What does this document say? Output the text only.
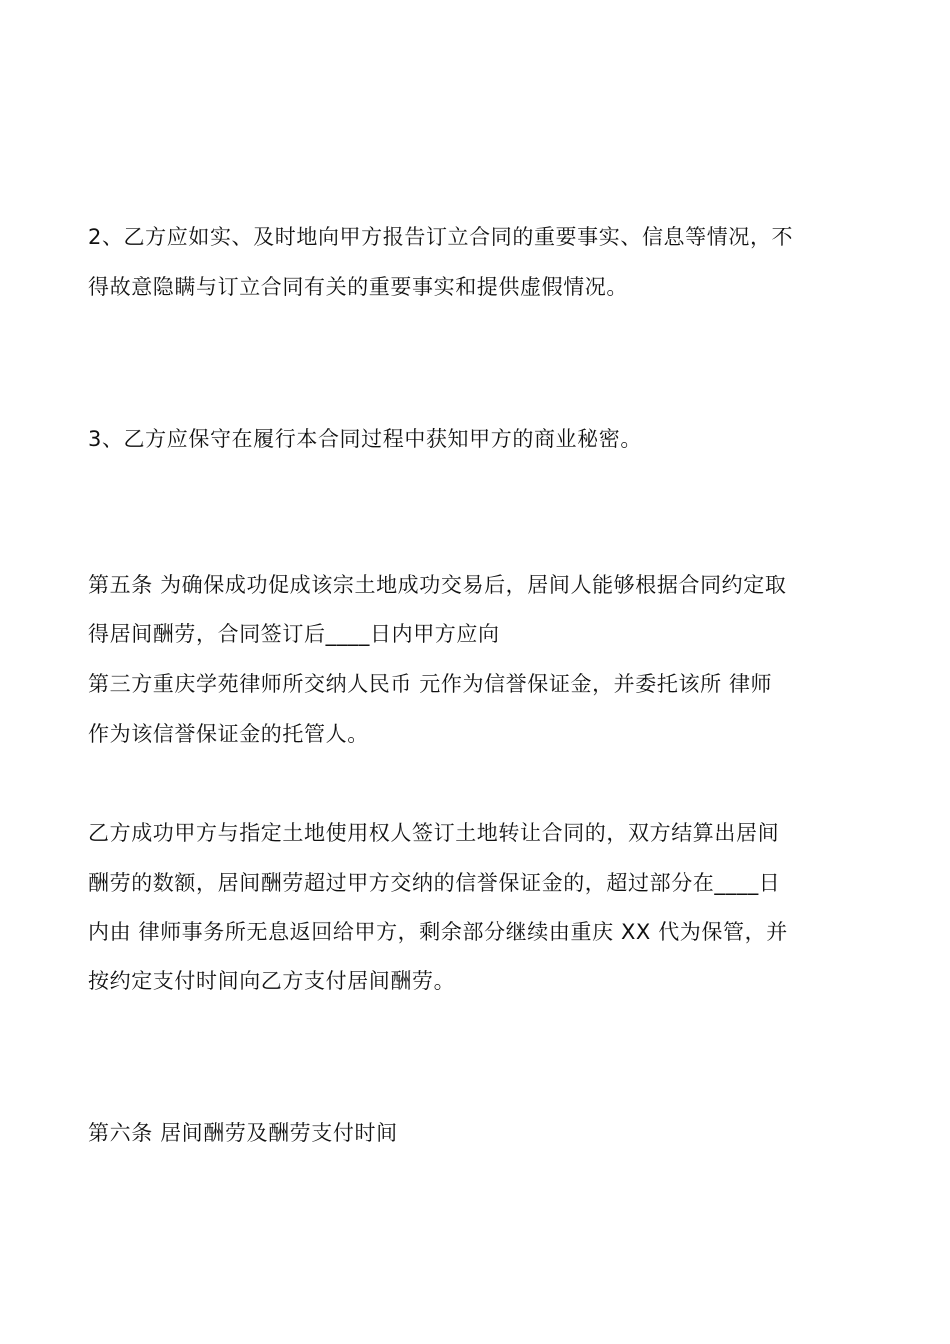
2、乙方应如实、及时地向甲方报告订立合同的重要事实、信息等情况，不
得故意隐瞒与订立合同有关的重要事实和提供虚假情况。
3、乙方应保守在履行本合同过程中获知甲方的商业秘密。
第五条 为确保成功促成该宗土地成功交易后，居间人能够根据合同约定取
得居间酬劳，合同签订后____日内甲方应向
第三方重庆学苑律师所交纳人民币 元作为信誉保证金，并委托该所 律师
作为该信誉保证金的托管人。
乙方成功甲方与指定土地使用权人签订土地转让合同的，双方结算出居间
酬劳的数额，居间酬劳超过甲方交纳的信誉保证金的，超过部分在____日
内由 律师事务所无息返回给甲方，剩余部分继续由重庆 XX 代为保管，并
按约定支付时间向乙方支付居间酬劳。
第六条 居间酬劳及酬劳支付时间
